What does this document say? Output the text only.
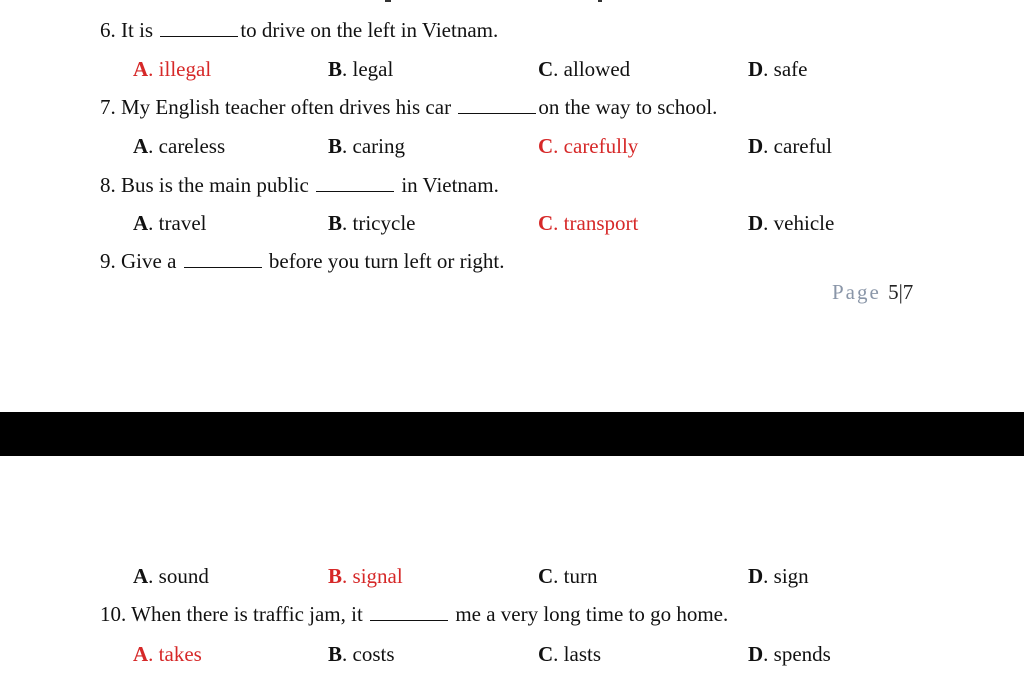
6. It is	to drive on the left in Vietnam.
A. illegal	B. legal	C. allowed	D. safe
7. My English teacher often drives his car	on the way to school.
A. careless	B. caring	C. carefully	D. careful
8. Bus is the main public	in Vietnam.
A. travel	B. tricycle	C. transport	D. vehicle
9. Give a	before you turn left or right.
Page 5|7
A. sound	B. signal	C. turn	D. sign
10. When there is traffic jam, it	me a very long time to go home.
A. takes	B. costs	C. lasts	D. spends
